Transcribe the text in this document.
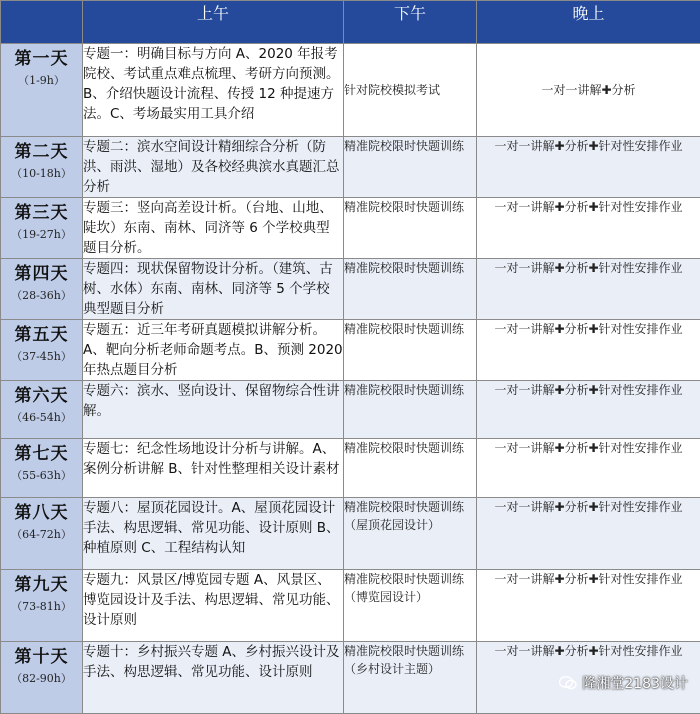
	上午	下午	晚上

第一天
（1-9h）	专题一：明确目标与方向 A、2020 年报考院校、考试重点难点梳理、考研方向预测。B、介绍快题设计流程、传授 12 种提速方法。C、考场最实用工具介绍	针对院校模拟考试	一对一讲解✚分析

第二天
（10-18h）	专题二：滨水空间设计精细综合分析（防洪、雨洪、湿地）及各校经典滨水真题汇总分析	精准院校限时快题训练	一对一讲解✚分析✚针对性安排作业

第三天
（19-27h）	专题三：竖向高差设计析。（台地、山地、陡坎）东南、南林、同济等 6 个学校典型题目分析。	精准院校限时快题训练	一对一讲解✚分析✚针对性安排作业

第四天
（28-36h）	专题四：现状保留物设计分析。（建筑、古树、水体）东南、南林、同济等 5 个学校典型题目分析	精准院校限时快题训练	一对一讲解✚分析✚针对性安排作业

第五天
（37-45h）	专题五：近三年考研真题模拟讲解分析。A、靶向分析老师命题考点。B、预测 2020 年热点题目分析	精准院校限时快题训练	一对一讲解✚分析✚针对性安排作业

第六天
（46-54h）	专题六：滨水、竖向设计、保留物综合性讲解。	精准院校限时快题训练	一对一讲解✚分析✚针对性安排作业

第七天
（55-63h）	专题七：纪念性场地设计分析与讲解。A、案例分析讲解 B、针对性整理相关设计素材	精准院校限时快题训练	一对一讲解✚分析✚针对性安排作业

第八天
（64-72h）	专题八：屋顶花园设计。A、屋顶花园设计手法、构思逻辑、常见功能、设计原则 B、种植原则 C、工程结构认知	精准院校限时快题训练（屋顶花园设计）	一对一讲解✚分析✚针对性安排作业

第九天
（73-81h）	专题九：风景区/博览园专题 A、风景区、博览园设计及手法、构思逻辑、常见功能、设计原则	精准院校限时快题训练（博览园设计）	一对一讲解✚分析✚针对性安排作业

第十天
（82-90h）	专题十：乡村振兴专题 A、乡村振兴设计及手法、构思逻辑、常见功能、设计原则	精准院校限时快题训练（乡村设计主题）	一对一讲解✚分析✚针对性安排作业
隆湘堂2183设计
